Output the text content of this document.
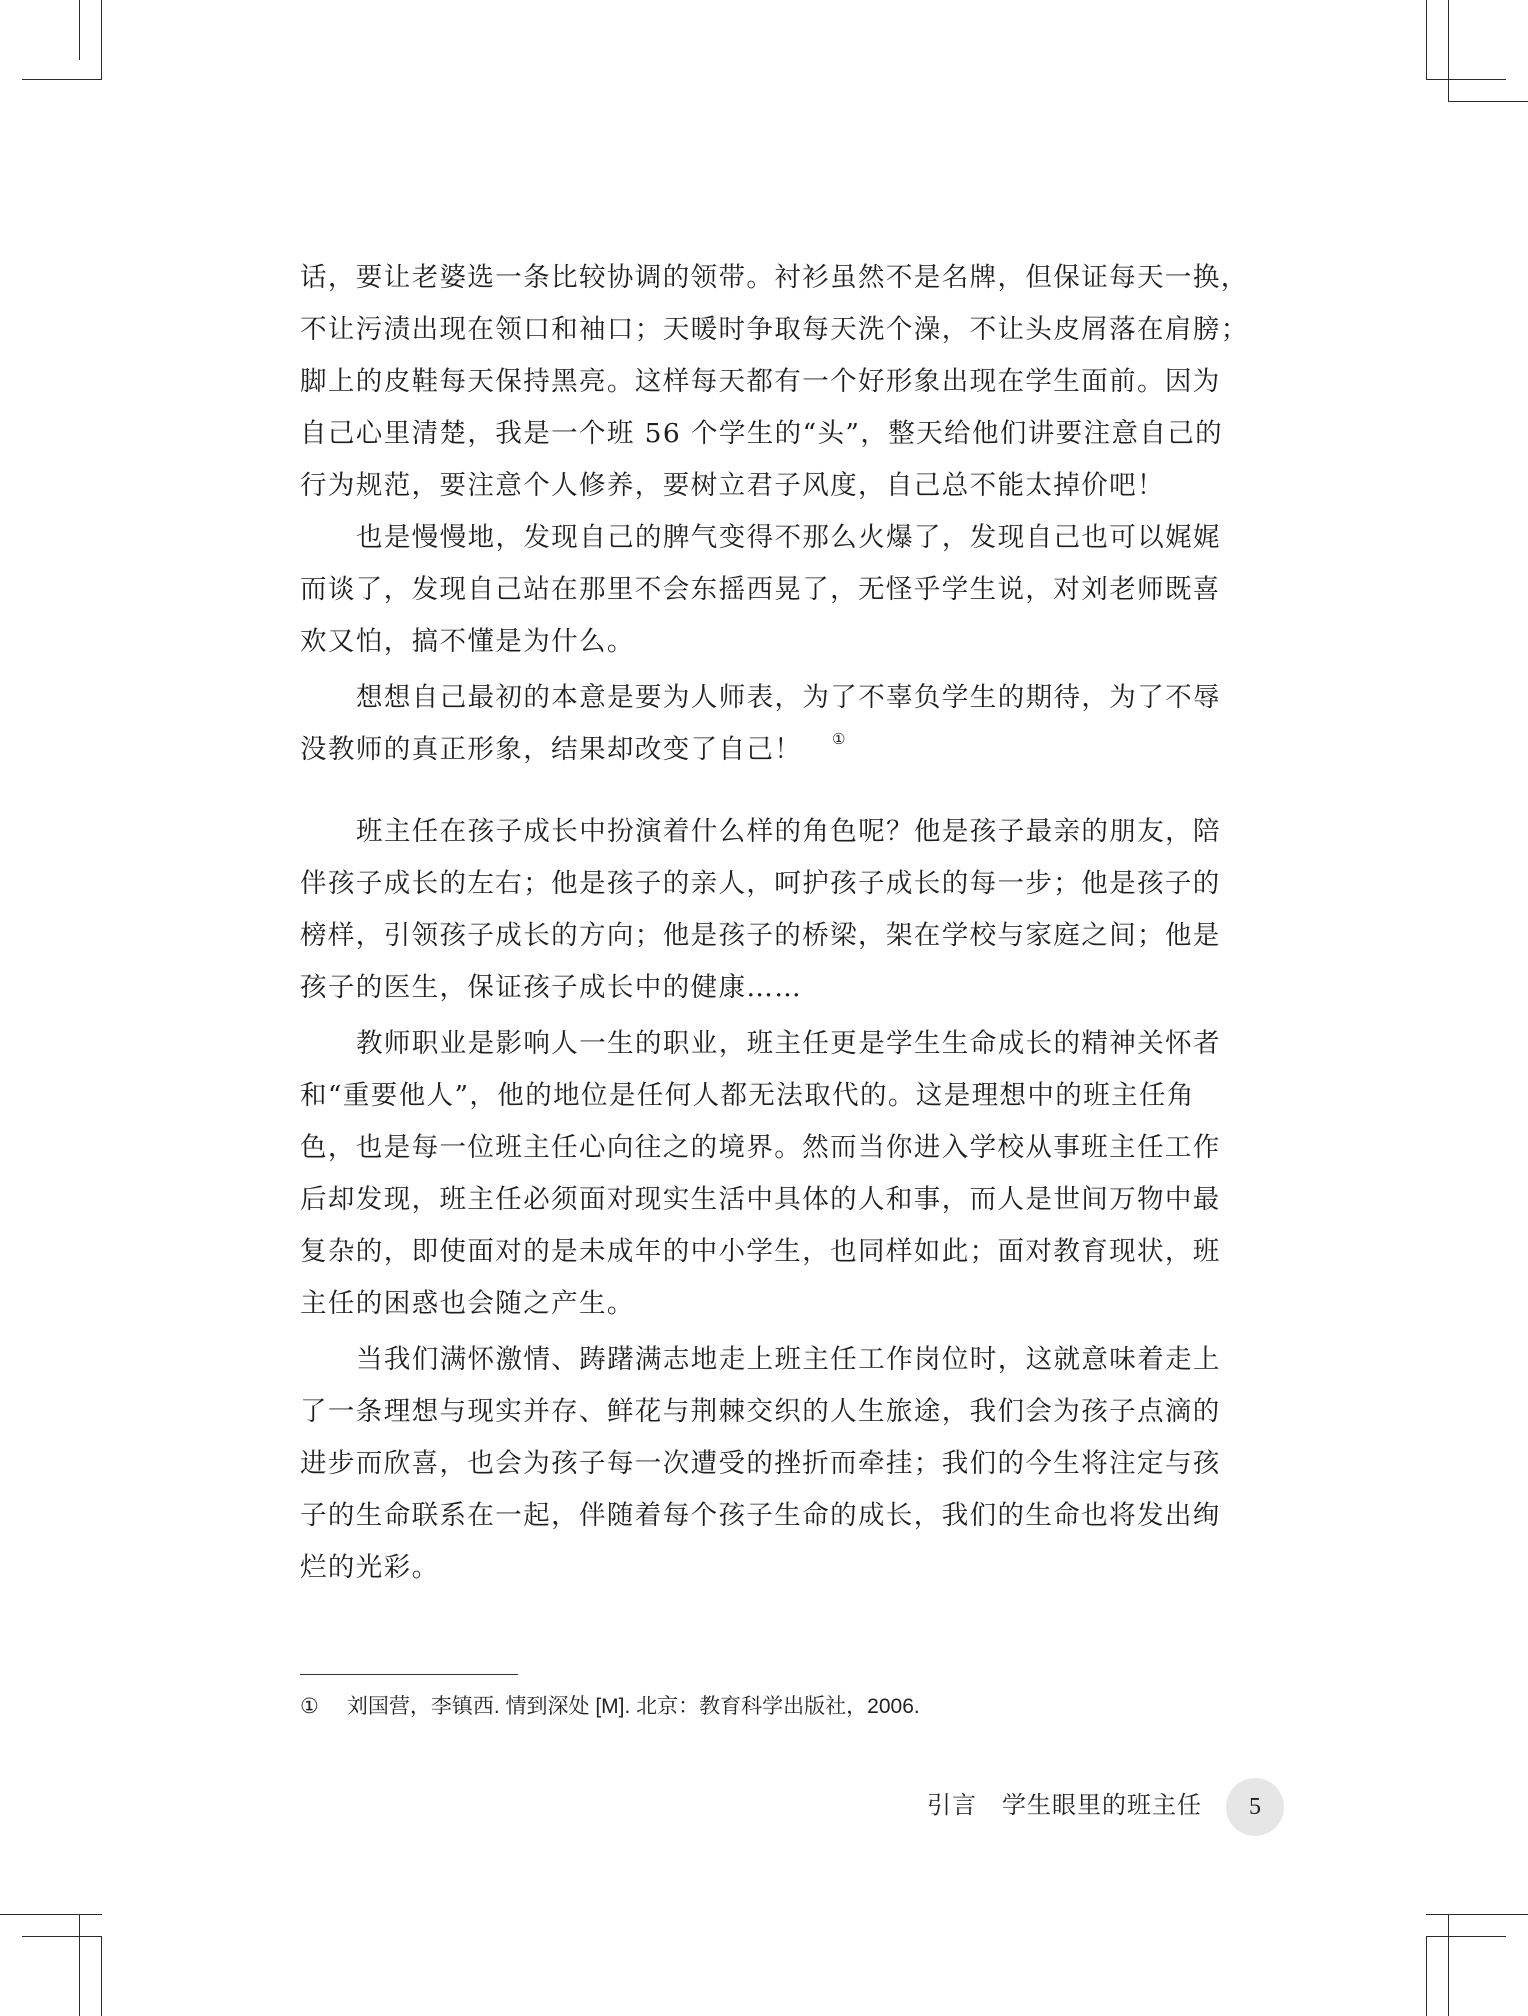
话，要让老婆选一条比较协调的领带。衬衫虽然不是名牌，但保证每天一换，
不让污渍出现在领口和袖口；天暖时争取每天洗个澡，不让头皮屑落在肩膀；
脚上的皮鞋每天保持黑亮。这样每天都有一个好形象出现在学生面前。因为
自己心里清楚，我是一个班 56 个学生的“头”，整天给他们讲要注意自己的
行为规范，要注意个人修养，要树立君子风度，自己总不能太掉价吧！
也是慢慢地，发现自己的脾气变得不那么火爆了，发现自己也可以娓娓
而谈了，发现自己站在那里不会东摇西晃了，无怪乎学生说，对刘老师既喜
欢又怕，搞不懂是为什么。
想想自己最初的本意是要为人师表，为了不辜负学生的期待，为了不辱
没教师的真正形象，结果却改变了自己！ ①
班主任在孩子成长中扮演着什么样的角色呢？他是孩子最亲的朋友，陪
伴孩子成长的左右；他是孩子的亲人，呵护孩子成长的每一步；他是孩子的
榜样，引领孩子成长的方向；他是孩子的桥梁，架在学校与家庭之间；他是
孩子的医生，保证孩子成长中的健康……
教师职业是影响人一生的职业，班主任更是学生生命成长的精神关怀者
和“重要他人”，他的地位是任何人都无法取代的。这是理想中的班主任角
色，也是每一位班主任心向往之的境界。然而当你进入学校从事班主任工作
后却发现，班主任必须面对现实生活中具体的人和事，而人是世间万物中最
复杂的，即使面对的是未成年的中小学生，也同样如此；面对教育现状，班
主任的困惑也会随之产生。
当我们满怀激情、踌躇满志地走上班主任工作岗位时，这就意味着走上
了一条理想与现实并存、鲜花与荆棘交织的人生旅途，我们会为孩子点滴的
进步而欣喜，也会为孩子每一次遭受的挫折而牵挂；我们的今生将注定与孩
子的生命联系在一起，伴随着每个孩子生命的成长，我们的生命也将发出绚
烂的光彩。
① 刘国营，李镇西. 情到深处 [M]. 北京：教育科学出版社，2006.
引言　学生眼里的班主任	5
